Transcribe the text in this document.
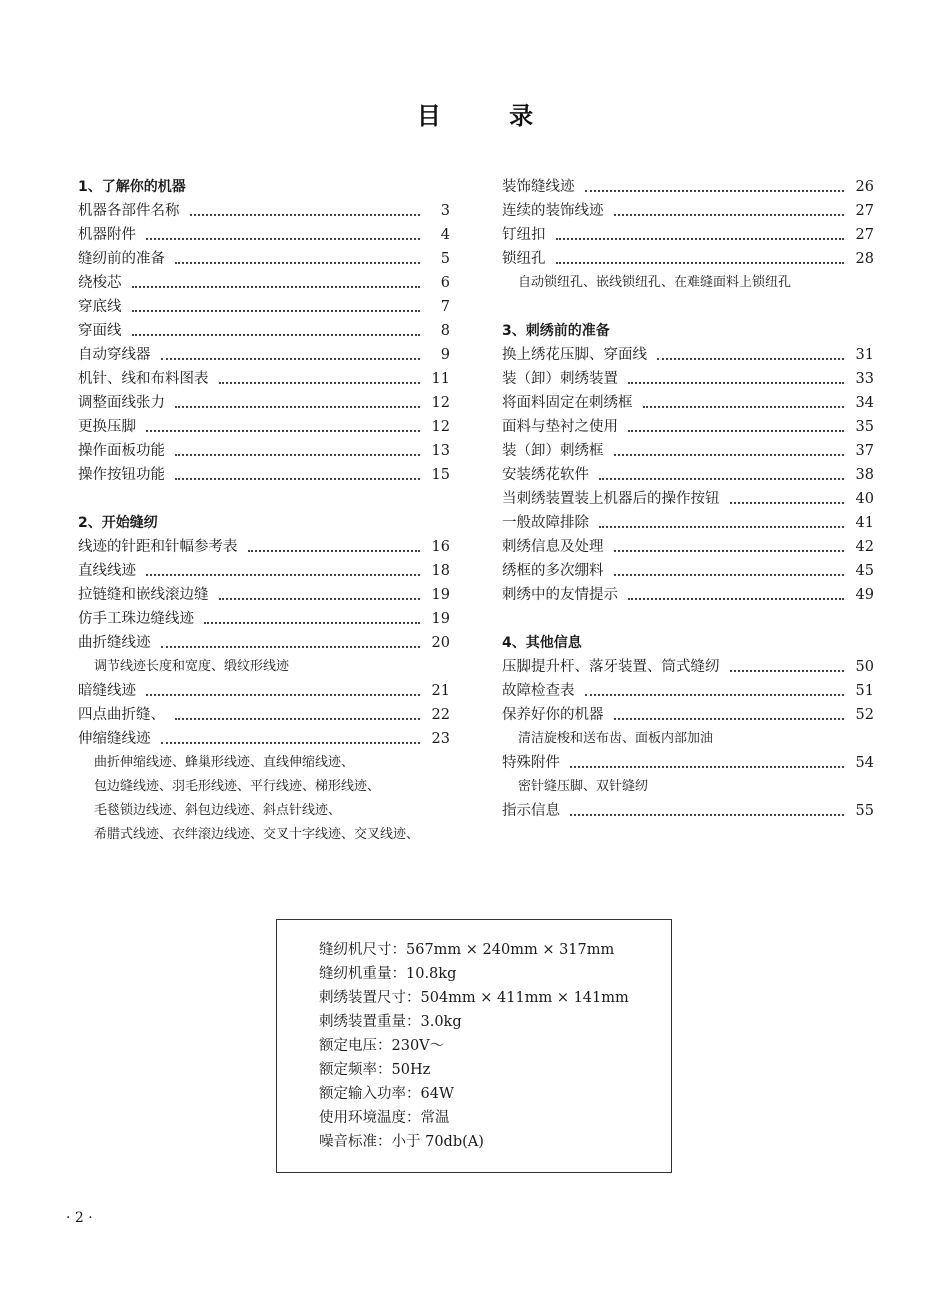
目 录
1、了解你的机器
机器各部件名称	3
机器附件	4
缝纫前的准备	5
绕梭芯	6
穿底线	7
穿面线	8
自动穿线器	9
机针、线和布料图表	11
调整面线张力	12
更换压脚	12
操作面板功能	13
操作按钮功能	15
2、开始缝纫
线迹的针距和针幅参考表	16
直线线迹	18
拉链缝和嵌线滚边缝	19
仿手工珠边缝线迹	19
曲折缝线迹	20
调节线迹长度和宽度、缎纹形线迹
暗缝线迹	21
四点曲折缝、	22
伸缩缝线迹	23
曲折伸缩线迹、蜂巢形线迹、直线伸缩线迹、
包边缝线迹、羽毛形线迹、平行线迹、梯形线迹、
毛毯锁边线迹、斜包边线迹、斜点针线迹、
希腊式线迹、衣绊滚边线迹、交叉十字线迹、交叉线迹、
装饰缝线迹	26
连续的装饰线迹	27
钉纽扣	27
锁纽孔	28
自动锁纽孔、嵌线锁纽孔、在难缝面料上锁纽孔
3、刺绣前的准备
换上绣花压脚、穿面线	31
装（卸）刺绣装置	33
将面料固定在刺绣框	34
面料与垫衬之使用	35
装（卸）刺绣框	37
安装绣花软件	38
当刺绣装置装上机器后的操作按钮	40
一般故障排除	41
刺绣信息及处理	42
绣框的多次绷料	45
刺绣中的友情提示	49
4、其他信息
压脚提升杆、落牙装置、筒式缝纫	50
故障检查表	51
保养好你的机器	52
清洁旋梭和送布齿、面板内部加油
特殊附件	54
密针缝压脚、双针缝纫
指示信息	55
缝纫机尺寸：567mm × 240mm × 317mm
缝纫机重量：10.8kg
刺绣装置尺寸：504mm × 411mm × 141mm
刺绣装置重量：3.0kg
额定电压：230V～
额定频率：50Hz
额定输入功率：64W
使用环境温度：常温
噪音标准：小于 70db(A)
· 2 ·
